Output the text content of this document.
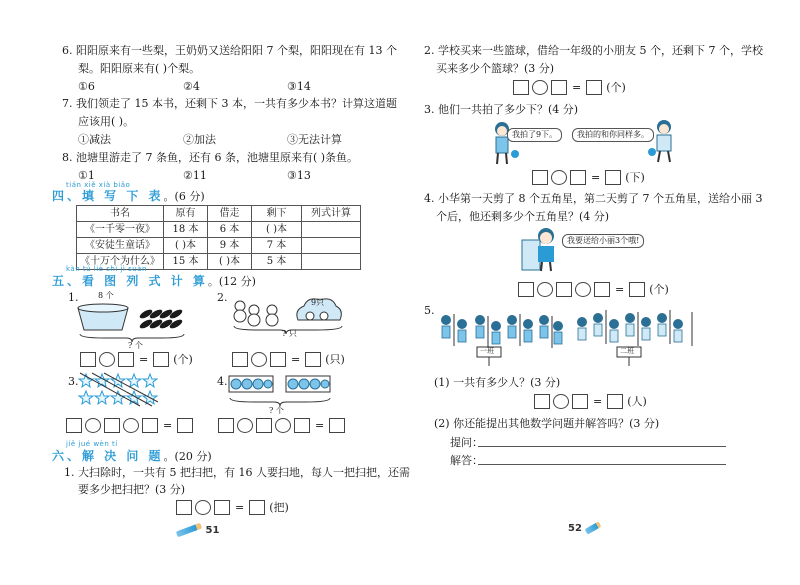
6. 阳阳原来有一些梨，王奶奶又送给阳阳 7 个梨，阳阳现在有 13 个
梨。阳阳原来有( )个梨。
①6	②4	③14
7. 我们领走了 15 本书，还剩下 3 本，一共有多少本书？计算这道题
应该用( )。
①减法	②加法	③无法计算
8. 池塘里游走了 7 条鱼，还有 6 条，池塘里原来有( )条鱼。
①1	②11	③13
tián xiě xià biǎo
四、填 写 下 表。(6 分)
书名	原有	借走	剩下	列式计算
《一千零一夜》	18 本	6 本	( )本	
《安徒生童话》	( )本	9 本	7 本	
《十万个为什么》	15 本	( )本	5 本	
kàn tú liè shì jì suàn
五、看 图 列 式 计 算。(12 分)
1. 8 个
? 个
= (个)
2.	9只
? 只
= (只)
3.
=
4.
? 个
=
jiě jué wèn tí
六、解 决 问 题。(20 分)
1. 大扫除时，一共有 5 把扫把，有 16 人要扫地，每人一把扫把，还需
要多少把扫把？(3 分)
= (把)
51
2. 学校买来一些篮球，借给一年级的小朋友 5 个，还剩下 7 个，学校
买来多少个篮球？(3 分)
= (个)
3. 他们一共拍了多少下？(4 分)
我拍了9下。	我拍的和你同样多。
= (下)
4. 小华第一天剪了 8 个五角星，第二天剪了 7 个五角星，送给小丽 3
个后，他还剩多少个五角星？(4 分)
我要送给小丽3个哦!
= (个)
5.
一班	二班
(1) 一共有多少人？(3 分)
= (人)
(2) 你还能提出其他数学问题并解答吗？(3 分)
提问：
解答：
52
